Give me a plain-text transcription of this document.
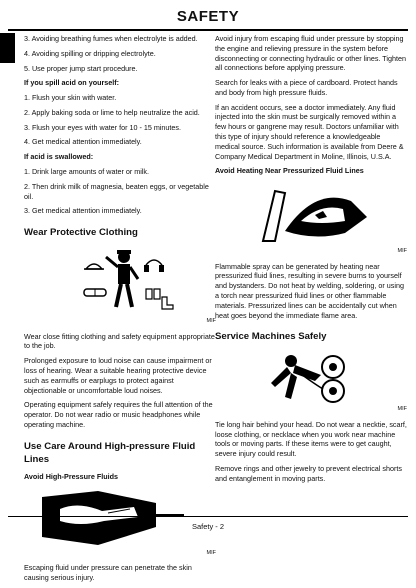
SAFETY

3. Avoiding breathing fumes when electrolyte is added.

4. Avoiding spilling or dripping electrolyte.

5. Use proper jump start procedure.

If you spill acid on yourself:

1. Flush your skin with water.

2. Apply baking soda or lime to help neutralize the acid.

3. Flush your eyes with water for 10 - 15 minutes.

4. Get medical attention immediately.

If acid is swallowed:

1. Drink large amounts of water or milk.

2. Then drink milk of magnesia, beaten eggs, or vegetable oil.

3. Get medical attention immediately.

Wear Protective Clothing
MIF

Wear close fitting clothing and safety equipment appropriate to the job.

Prolonged exposure to loud noise can cause impairment or loss of hearing. Wear a suitable hearing protective device such as earmuffs or earplugs to protect against objectionable or uncomfortable loud noises.

Operating equipment safely requires the full attention of the operator. Do not wear radio or music headphones while operating machine.

Use Care Around High-pressure Fluid Lines

Avoid High-Pressure Fluids

MIF

Escaping fluid under pressure can penetrate the skin causing serious injury.

Avoid injury from escaping fluid under pressure by stopping the engine and relieving pressure in the system before disconnecting or connecting hydraulic or other lines. Tighten all connections before applying pressure.

Search for leaks with a piece of cardboard. Protect hands and body from high pressure fluids.

If an accident occurs, see a doctor immediately. Any fluid injected into the skin must be surgically removed within a few hours or gangrene may result. Doctors unfamiliar with this type of injury should reference a knowledgeable medical source. Such information is available from Deere & Company Medical Department in Moline, Illinois, U.S.A.

Avoid Heating Near Pressurized Fluid Lines

MIF

Flammable spray can be generated by heating near pressurized fluid lines, resulting in severe burns to yourself and bystanders. Do not heat by welding, soldering, or using a torch near pressurized fluid lines or other flammable materials. Pressurized lines can be accidentally cut when heat goes beyond the immediate flame area.

Service Machines Safely
MIF

Tie long hair behind your head. Do not wear a necktie, scarf, loose clothing, or necklace when you work near machine tools or moving parts. If these items were to get caught, severe injury could result.

Remove rings and other jewelry to prevent electrical shorts and entanglement in moving parts.

Safety - 2
